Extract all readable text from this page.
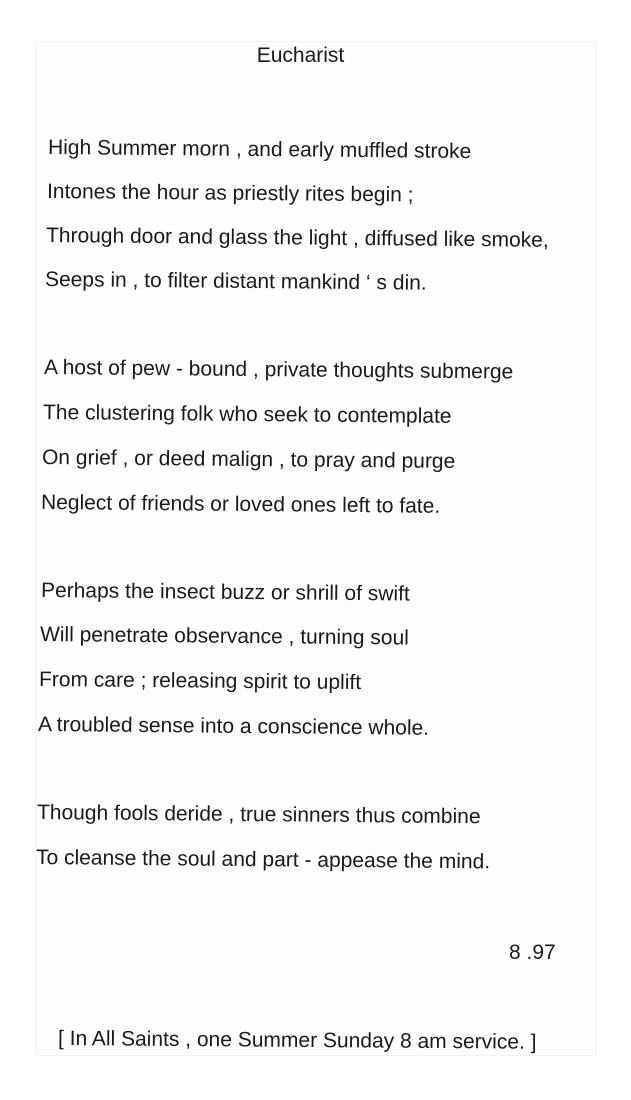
Eucharist
High Summer morn , and early muffled stroke
Intones the hour as priestly rites begin ;
Through door and glass the light , diffused like smoke,
Seeps in , to filter distant mankind ‘ s din.
A host of pew - bound , private thoughts submerge
The clustering folk who seek to contemplate
On grief , or deed malign , to pray and purge
Neglect of friends or loved ones left to fate.
Perhaps the insect buzz or shrill of swift
Will penetrate observance , turning soul
From care ; releasing spirit to uplift
A troubled sense into a conscience whole.
Though fools deride , true sinners thus combine
To cleanse the soul and part - appease the mind.
8 .97
[ In All Saints , one Summer Sunday 8 am service. ]
